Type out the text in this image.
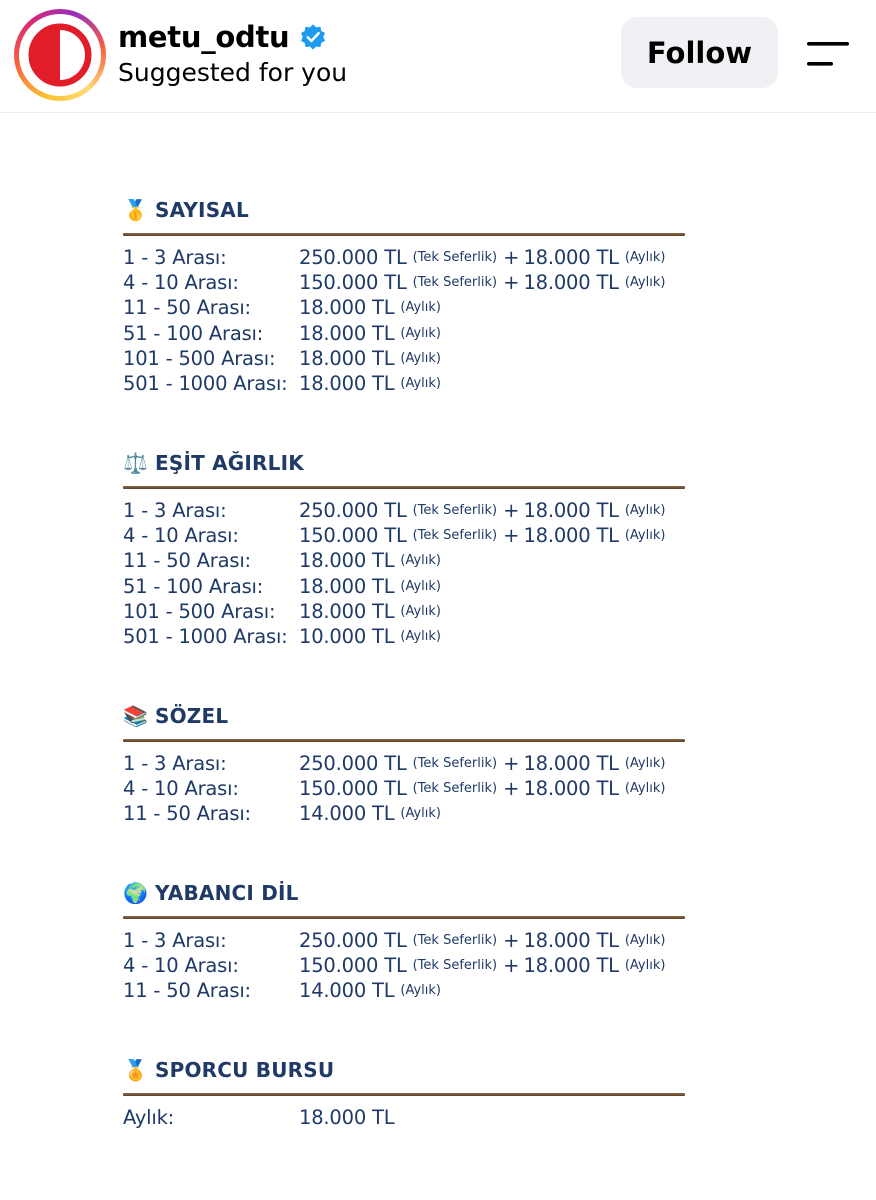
metu_odtu
Suggested for you
Follow
🥇 SAYISAL
1 - 3 Arası:	250.000 TL (Tek Seferlik) + 18.000 TL (Aylık)
4 - 10 Arası:	150.000 TL (Tek Seferlik) + 18.000 TL (Aylık)
11 - 50 Arası:	18.000 TL (Aylık)
51 - 100 Arası:	18.000 TL (Aylık)
101 - 500 Arası:	18.000 TL (Aylık)
501 - 1000 Arası: 18.000 TL (Aylık)
⚖️ EŞİT AĞIRLIK
1 - 3 Arası:	250.000 TL (Tek Seferlik) + 18.000 TL (Aylık)
4 - 10 Arası:	150.000 TL (Tek Seferlik) + 18.000 TL (Aylık)
11 - 50 Arası:	18.000 TL (Aylık)
51 - 100 Arası:	18.000 TL (Aylık)
101 - 500 Arası:	18.000 TL (Aylık)
501 - 1000 Arası: 10.000 TL (Aylık)
📚 SÖZEL
1 - 3 Arası:	250.000 TL (Tek Seferlik) + 18.000 TL (Aylık)
4 - 10 Arası:	150.000 TL (Tek Seferlik) + 18.000 TL (Aylık)
11 - 50 Arası:	14.000 TL (Aylık)
🌍 YABANCI DİL
1 - 3 Arası:	250.000 TL (Tek Seferlik) + 18.000 TL (Aylık)
4 - 10 Arası:	150.000 TL (Tek Seferlik) + 18.000 TL (Aylık)
11 - 50 Arası:	14.000 TL (Aylık)
🏅 SPORCU BURSU
Aylık:	18.000 TL
